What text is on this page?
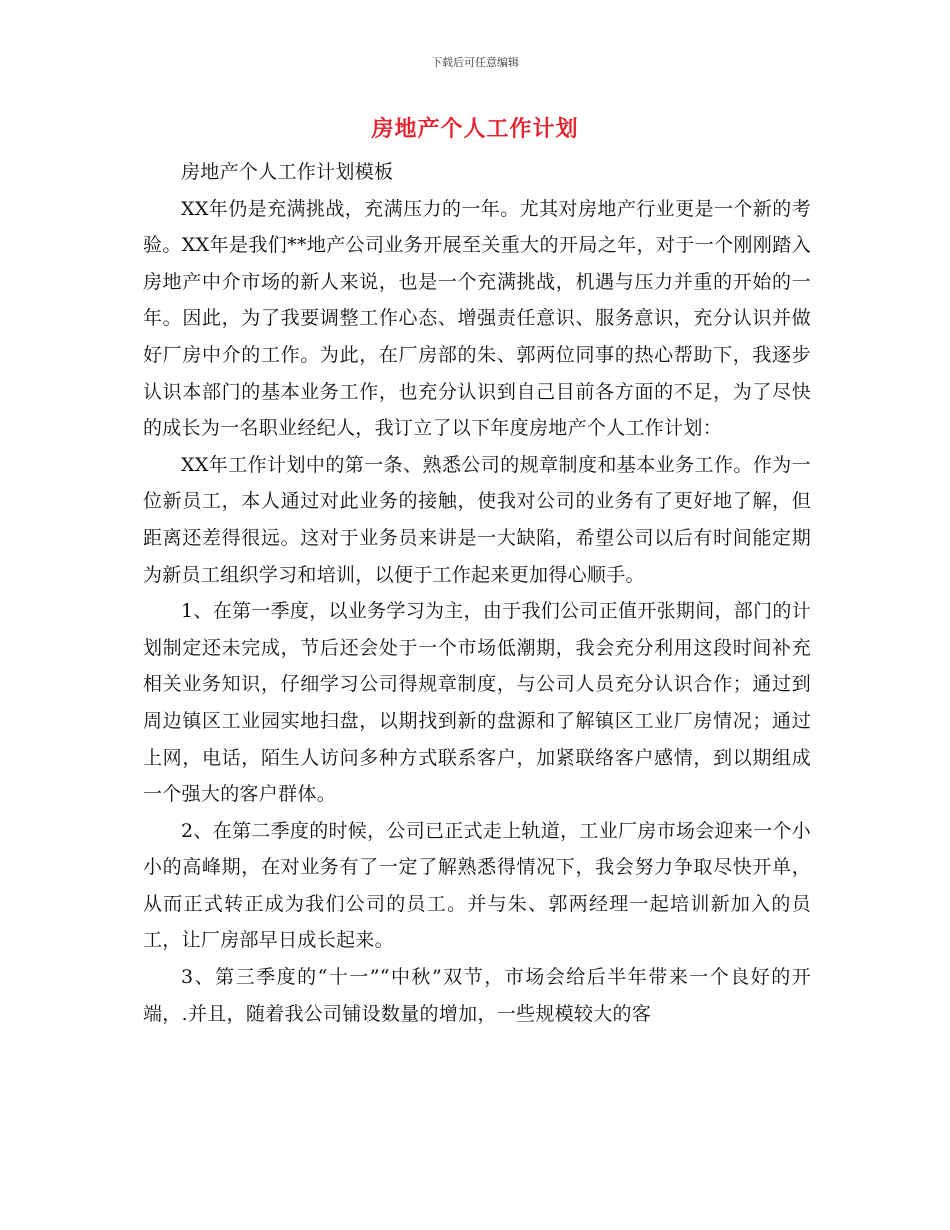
下载后可任意编辑
房地产个人工作计划

房地产个人工作计划模板

XX年仍是充满挑战，充满压力的一年。尤其对房地产行业更是一个新的考验。XX年是我们**地产公司业务开展至关重大的开局之年，对于一个刚刚踏入房地产中介市场的新人来说，也是一个充满挑战，机遇与压力并重的开始的一年。因此，为了我要调整工作心态、增强责任意识、服务意识，充分认识并做好厂房中介的工作。为此，在厂房部的朱、郭两位同事的热心帮助下，我逐步认识本部门的基本业务工作，也充分认识到自己目前各方面的不足，为了尽快的成长为一名职业经纪人，我订立了以下年度房地产个人工作计划：

XX年工作计划中的第一条、熟悉公司的规章制度和基本业务工作。作为一位新员工，本人通过对此业务的接触，使我对公司的业务有了更好地了解，但距离还差得很远。这对于业务员来讲是一大缺陷，希望公司以后有时间能定期为新员工组织学习和培训，以便于工作起来更加得心顺手。

1、在第一季度，以业务学习为主，由于我们公司正值开张期间，部门的计划制定还未完成，节后还会处于一个市场低潮期，我会充分利用这段时间补充相关业务知识，仔细学习公司得规章制度，与公司人员充分认识合作；通过到周边镇区工业园实地扫盘，以期找到新的盘源和了解镇区工业厂房情况；通过上网，电话，陌生人访问多种方式联系客户，加紧联络客户感情，到以期组成一个强大的客户群体。

2、在第二季度的时候，公司已正式走上轨道，工业厂房市场会迎来一个小小的高峰期，在对业务有了一定了解熟悉得情况下，我会努力争取尽快开单，从而正式转正成为我们公司的员工。并与朱、郭两经理一起培训新加入的员工，让厂房部早日成长起来。

3、第三季度的“十一”“中秋”双节，市场会给后半年带来一个良好的开端，.并且，随着我公司铺设数量的增加，一些规模较大的客
